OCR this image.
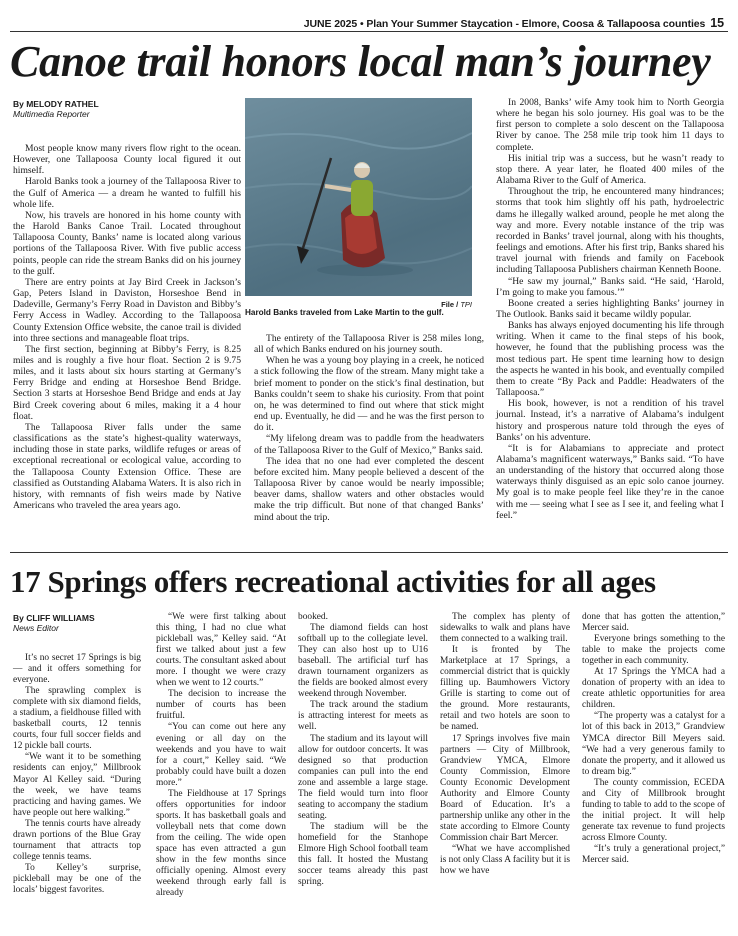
JUNE 2025 • Plan Your Summer Staycation - Elmore, Coosa & Tallapoosa counties 15
Canoe trail honors local man’s journey
By MELODY RATHEL
Multimedia Reporter

Most people know many rivers flow right to the ocean. However, one Tallapoosa County local figured it out himself.

Harold Banks took a journey of the Tallapoosa River to the Gulf of America — a dream he wanted to fulfill his whole life.

Now, his travels are honored in his home county with the Harold Banks Canoe Trail. Located throughout Tallapoosa County, Banks’ name is located along various portions of the Tallapoosa River. With five public access points, people can ride the stream Banks did on his journey to the gulf.

There are entry points at Jay Bird Creek in Jackson’s Gap, Peters Island in Daviston, Horseshoe Bend in Dadeville, Germany’s Ferry Road in Daviston and Bibby’s Ferry Access in Wadley. According to the Tallapoosa County Extension Office website, the canoe trail is divided into three sections and manageable float trips.

The first section, beginning at Bibby’s Ferry, is 8.25 miles and is roughly a five hour float. Section 2 is 9.75 miles, and it lasts about six hours starting at Germany’s Ferry Bridge and ending at Horseshoe Bend Bridge. Section 3 starts at Horseshoe Bend Bridge and ends at Jay Bird Creek covering about 6 miles, making it a 4 hour float.

The Tallapoosa River falls under the same classifications as the state’s highest-quality waterways, including those in state parks, wildlife refuges or areas of exceptional recreational or ecological value, according to the Tallapoosa County Extension Office. These are classified as Outstanding Alabama Waters. It is also rich in history, with remnants of fish weirs made by Native Americans who traveled the area years ago.

File / TPI
Harold Banks traveled from Lake Martin to the gulf.

The entirety of the Tallapoosa River is 258 miles long, all of which Banks endured on his journey south.

When he was a young boy playing in a creek, he noticed a stick following the flow of the stream. Many might take a brief moment to ponder on the stick’s final destination, but Banks couldn’t seem to shake his curiosity. From that point on, he was determined to find out where that stick might end up. Eventually, he did — and he was the first person to do it.

“My lifelong dream was to paddle from the headwaters of the Tallapoosa River to the Gulf of Mexico,” Banks said.

The idea that no one had ever completed the descent before excited him. Many people believed a descent of the Tallapoosa River by canoe would be nearly impossible; beaver dams, shallow waters and other obstacles would make the trip difficult. But none of that changed Banks’ mind about the trip.

In 2008, Banks’ wife Amy took him to North Georgia where he began his solo journey. His goal was to be the first person to complete a solo descent on the Tallapoosa River by canoe. The 258 mile trip took him 11 days to complete.

His initial trip was a success, but he wasn’t ready to stop there. A year later, he floated 400 miles of the Alabama River to the Gulf of America.

Throughout the trip, he encountered many hindrances; storms that took him slightly off his path, hydroelectric dams he illegally walked around, people he met along the way and more. Every notable instance of the trip was recorded in Banks’ travel journal, along with his thoughts, feelings and emotions. After his first trip, Banks shared his travel journal with friends and family on Facebook including Tallapoosa Publishers chairman Kenneth Boone.

“He saw my journal,” Banks said. “He said, ‘Harold, I’m going to make you famous.’”

Boone created a series highlighting Banks’ journey in The Outlook. Banks said it became wildly popular.

Banks has always enjoyed documenting his life through writing. When it came to the final steps of his book, however, he found that the publishing process was the most tedious part. He spent time learning how to design the aspects he wanted in his book, and eventually compiled them to create “By Pack and Paddle: Headwaters of the Tallapoosa.”

His book, however, is not a rendition of his travel journal. Instead, it’s a narrative of Alabama’s indulgent history and prosperous nature told through the eyes of Banks’ on his adventure.

“It is for Alabamians to appreciate and protect Alabama’s magnificent waterways,” Banks said. “To have an understanding of the history that occurred along those waterways thinly disguised as an epic solo canoe journey. My goal is to make people feel like they’re in the canoe with me — seeing what I see as I see it, and feeling what I feel.”

17 Springs offers recreational activities for all ages
By CLIFF WILLIAMS
News Editor

It’s no secret 17 Springs is big — and it offers something for everyone.

The sprawling complex is complete with six diamond fields, a stadium, a fieldhouse filled with basketball courts, 12 tennis courts, four full soccer fields and 12 pickle ball courts.

“We want it to be something residents can enjoy,” Millbrook Mayor Al Kelley said. “During the week, we have teams practicing and having games. We have people out here walking.”

The tennis courts have already drawn portions of the Blue Gray tournament that attracts top college tennis teams.

To Kelley’s surprise, pickleball may be one of the locals’ biggest favorites.

“We were first talking about this thing, I had no clue what pickleball was,” Kelley said. “At first we talked about just a few courts. The consultant asked about more. I thought we were crazy when we went to 12 courts.”

The decision to increase the number of courts has been fruitful.

“You can come out here any evening or all day on the weekends and you have to wait for a court,” Kelley said. “We probably could have built a dozen more.”

The Fieldhouse at 17 Springs offers opportunities for indoor sports. It has basketball goals and volleyball nets that come down from the ceiling. The wide open space has even attracted a gun show in the few months since officially opening. Almost every weekend through early fall is already

booked.

The diamond fields can host softball up to the collegiate level. They can also host up to U16 baseball. The artificial turf has drawn tournament organizers as the fields are booked almost every weekend through November.

The track around the stadium is attracting interest for meets as well.

The stadium and its layout will allow for outdoor concerts. It was designed so that production companies can pull into the end zone and assemble a large stage. The field would turn into floor seating to accompany the stadium seating.

The stadium will be the homefield for the Stanhope Elmore High School football team this fall. It hosted the Mustang soccer teams already this past spring.

The complex has plenty of sidewalks to walk and plans have them connected to a walking trail.

It is fronted by The Marketplace at 17 Springs, a commercial district that is quickly filling up. Baumhowers Victory Grille is starting to come out of the ground. More restaurants, retail and two hotels are soon to be named.

17 Springs involves five main partners — City of Millbrook, Grandview YMCA, Elmore County Commission, Elmore County Economic Development Authority and Elmore County Board of Education. It’s a partnership unlike any other in the state according to Elmore County Commission chair Bart Mercer.

“What we have accomplished is not only Class A facility but it is how we have

done that has gotten the attention,” Mercer said.

Everyone brings something to the table to make the projects come together in each community.

At 17 Springs the YMCA had a donation of property with an idea to create athletic opportunities for area children.

“The property was a catalyst for a lot of this back in 2013,” Grandview YMCA director Bill Meyers said. “We had a very generous family to donate the property, and it allowed us to dream big.”

The county commission, ECEDA and City of Millbrook brought funding to table to add to the scope of the initial project. It will help generate tax revenue to fund projects across Elmore County.

“It’s truly a generational project,” Mercer said.
